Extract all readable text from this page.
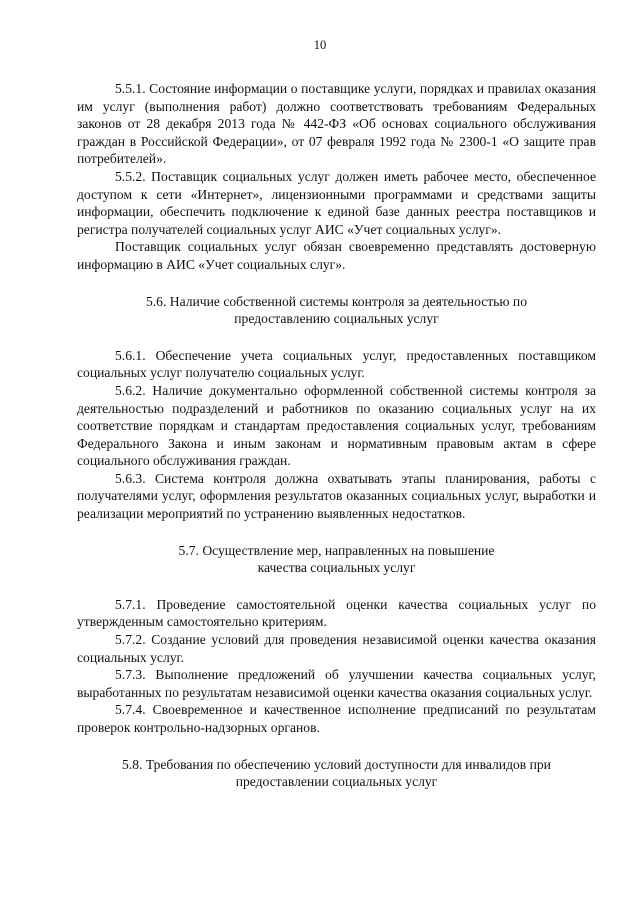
10

5.5.1. Состояние информации о поставщике услуги, порядках и правилах оказания им услуг (выполнения работ) должно соответствовать требованиям Федеральных законов от 28 декабря 2013 года № 442-ФЗ «Об основах социального обслуживания граждан в Российской Федерации», от 07 февраля 1992 года № 2300-1 «О защите прав потребителей».

5.5.2. Поставщик социальных услуг должен иметь рабочее место, обеспеченное доступом к сети «Интернет», лицензионными программами и средствами защиты информации, обеспечить подключение к единой базе данных реестра поставщиков и регистра получателей социальных услуг АИС «Учет социальных услуг».

Поставщик социальных услуг обязан своевременно представлять достоверную информацию в АИС «Учет социальных слуг».

5.6. Наличие собственной системы контроля за деятельностью по
предоставлению социальных услуг

5.6.1. Обеспечение учета социальных услуг, предоставленных поставщиком социальных услуг получателю социальных услуг.

5.6.2. Наличие документально оформленной собственной системы контроля за деятельностью подразделений и работников по оказанию социальных услуг на их соответствие порядкам и стандартам предоставления социальных услуг, требованиям Федерального Закона и иным законам и нормативным правовым актам в сфере социального обслуживания граждан.

5.6.3. Система контроля должна охватывать этапы планирования, работы с получателями услуг, оформления результатов оказанных социальных услуг, выработки и реализации мероприятий по устранению выявленных недостатков.

5.7. Осуществление мер, направленных на повышение
качества социальных услуг

5.7.1. Проведение самостоятельной оценки качества социальных услуг по утвержденным самостоятельно критериям.

5.7.2. Создание условий для проведения независимой оценки качества оказания социальных услуг.

5.7.3. Выполнение предложений об улучшении качества социальных услуг, выработанных по результатам независимой оценки качества оказания социальных услуг.

5.7.4. Своевременное и качественное исполнение предписаний по результатам проверок контрольно-надзорных органов.

5.8. Требования по обеспечению условий доступности для инвалидов при
предоставлении социальных услуг
